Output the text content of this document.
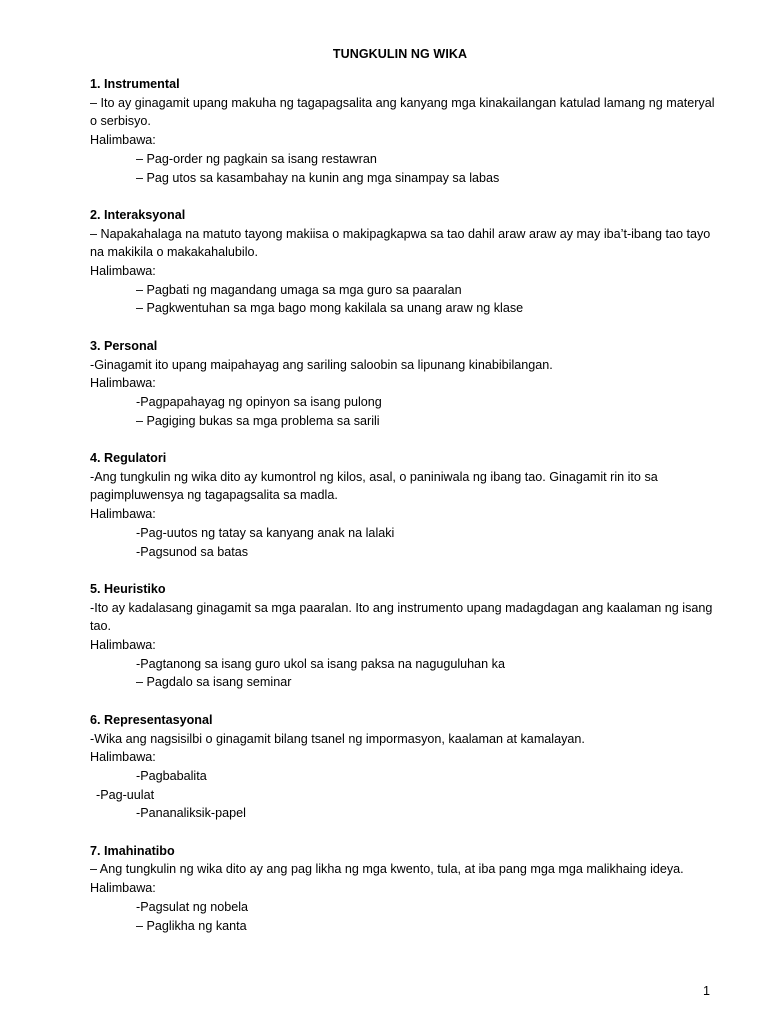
TUNGKULIN NG WIKA
1. Instrumental

– Ito ay ginagamit upang makuha ng tagapagsalita ang kanyang mga kinakailangan katulad lamang ng materyal o serbisyo.

Halimbawa:
– Pag-order ng pagkain sa isang restawran
– Pag utos sa kasambahay na kunin ang mga sinampay sa labas
2. Interaksyonal

– Napakahalaga na matuto tayong makiisa o makipagkapwa sa tao dahil araw araw ay may iba’t-ibang tao tayo na makikila o makakahalubilo.

Halimbawa:
– Pagbati ng magandang umaga sa mga guro sa paaralan
– Pagkwentuhan sa mga bago mong kakilala sa unang araw ng klase
3. Personal

-Ginagamit ito upang maipahayag ang sariling saloobin sa lipunang kinabibilangan.

Halimbawa:
-Pagpapahayag ng opinyon sa isang pulong
– Pagiging bukas sa mga problema sa sarili
4. Regulatori

-Ang tungkulin ng wika dito ay kumontrol ng kilos, asal, o paniniwala ng ibang tao. Ginagamit rin ito sa pagimpluwensya ng tagapagsalita sa madla.

Halimbawa:
-Pag-uutos ng tatay sa kanyang anak na lalaki
-Pagsunod sa batas
5. Heuristiko

-Ito ay kadalasang ginagamit sa mga paaralan. Ito ang instrumento upang madagdagan ang kaalaman ng isang tao.

Halimbawa:
-Pagtanong sa isang guro ukol sa isang paksa na naguguluhan ka
– Pagdalo sa isang seminar
6. Representasyonal

-Wika ang nagsisilbi o ginagamit bilang tsanel ng impormasyon, kaalaman at kamalayan.

Halimbawa:
-Pagbabalita
-Pag-uulat
-Pananaliksik-papel
7. Imahinatibo

– Ang tungkulin ng wika dito ay ang pag likha ng mga kwento, tula, at iba pang mga mga malikhaing ideya.

Halimbawa:
-Pagsulat ng nobela
– Paglikha ng kanta
1
